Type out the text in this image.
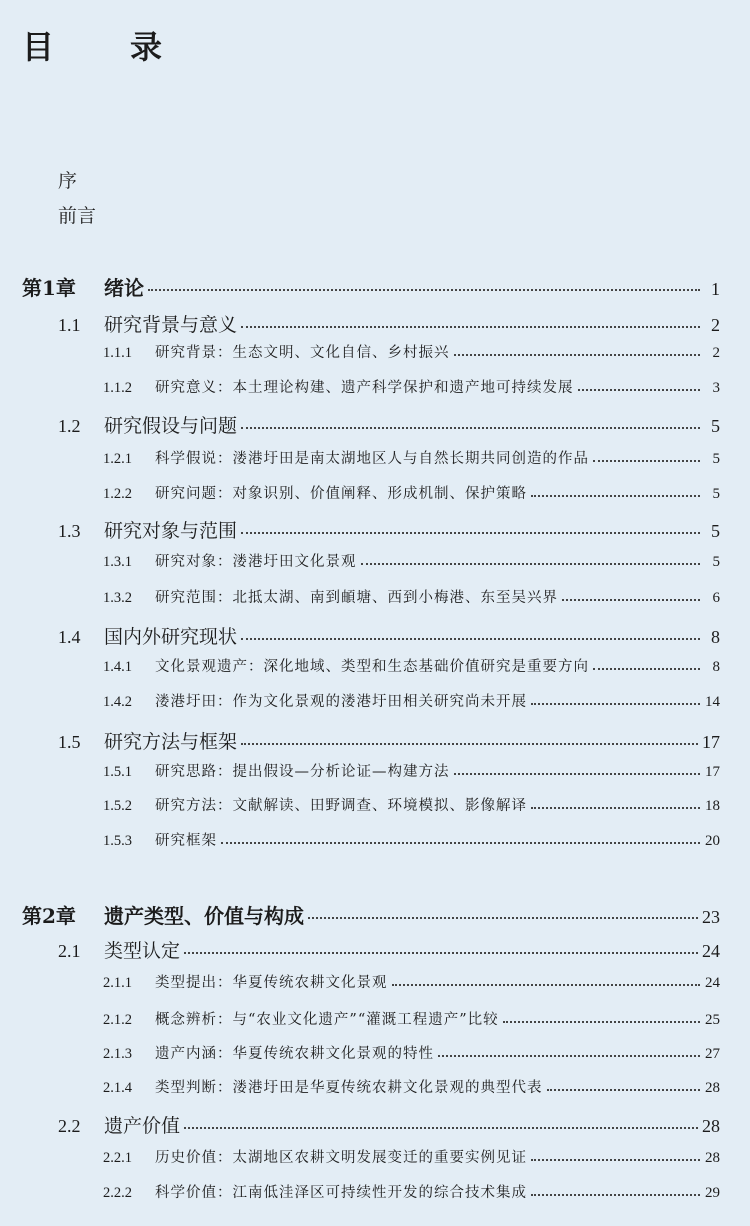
目　录
序
前言
第1章	绪论	1
1.1	研究背景与意义	2
1.1.1	研究背景：生态文明、文化自信、乡村振兴	2
1.1.2	研究意义：本土理论构建、遗产科学保护和遗产地可持续发展	3
1.2	研究假设与问题	5
1.2.1	科学假说：溇港圩田是南太湖地区人与自然长期共同创造的作品	5
1.2.2	研究问题：对象识别、价值阐释、形成机制、保护策略	5
1.3	研究对象与范围	5
1.3.1	研究对象：溇港圩田文化景观	5
1.3.2	研究范围：北抵太湖、南到頔塘、西到小梅港、东至吴兴界	6
1.4	国内外研究现状	8
1.4.1	文化景观遗产：深化地域、类型和生态基础价值研究是重要方向	8
1.4.2	溇港圩田：作为文化景观的溇港圩田相关研究尚未开展	14
1.5	研究方法与框架	17
1.5.1	研究思路：提出假设—分析论证—构建方法	17
1.5.2	研究方法：文献解读、田野调查、环境模拟、影像解译	18
1.5.3	研究框架	20
第2章	遗产类型、价值与构成	23
2.1	类型认定	24
2.1.1	类型提出：华夏传统农耕文化景观	24
2.1.2	概念辨析：与“农业文化遗产”“灌溉工程遗产”比较	25
2.1.3	遗产内涵：华夏传统农耕文化景观的特性	27
2.1.4	类型判断：溇港圩田是华夏传统农耕文化景观的典型代表	28
2.2	遗产价值	28
2.2.1	历史价值：太湖地区农耕文明发展变迁的重要实例见证	28
2.2.2	科学价值：江南低洼泽区可持续性开发的综合技术集成	29
